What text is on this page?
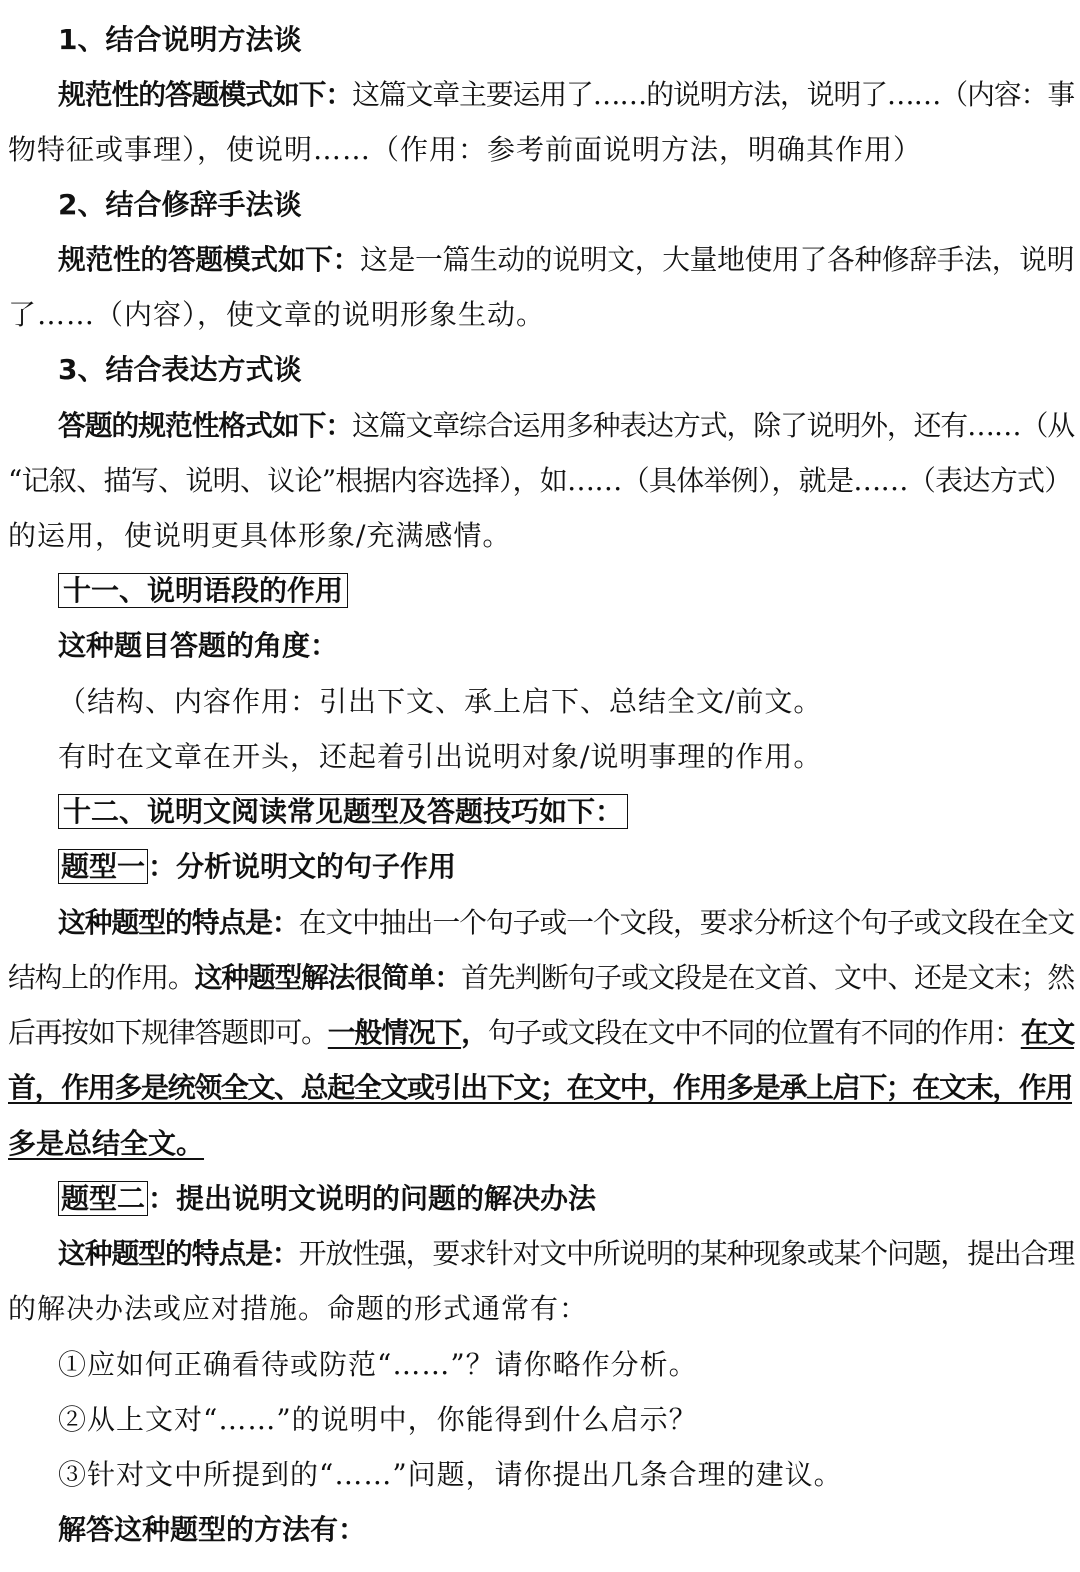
1、结合说明方法谈
规范性的答题模式如下：这篇文章主要运用了……的说明方法，说明了……（内容：事
物特征或事理），使说明……（作用：参考前面说明方法，明确其作用）
2、结合修辞手法谈
规范性的答题模式如下：这是一篇生动的说明文，大量地使用了各种修辞手法，说明
了……（内容），使文章的说明形象生动。
3、结合表达方式谈
答题的规范性格式如下：这篇文章综合运用多种表达方式，除了说明外，还有……（从
“记叙、描写、说明、议论”根据内容选择），如……（具体举例），就是……（表达方式）
的运用，使说明更具体形象/充满感情。
十一、说明语段的作用
这种题目答题的角度：
（结构、内容作用：引出下文、承上启下、总结全文/前文。
有时在文章在开头，还起着引出说明对象/说明事理的作用。
十二、说明文阅读常见题型及答题技巧如下：
题型一 ：分析说明文的句子作用
这种题型的特点是：在文中抽出一个句子或一个文段，要求分析这个句子或文段在全文
结构上的作用。这种题型解法很简单：首先判断句子或文段是在文首、文中、还是文末；然
后再按如下规律答题即可。一般情况下，句子或文段在文中不同的位置有不同的作用：在文
首，作用多是统领全文、总起全文或引出下文；在文中，作用多是承上启下；在文末，作用
多是总结全文。
题型二 ：提出说明文说明的问题的解决办法
这种题型的特点是：开放性强，要求针对文中所说明的某种现象或某个问题，提出合理
的解决办法或应对措施。命题的形式通常有：
①应如何正确看待或防范“……”？请你略作分析。
②从上文对“……”的说明中，你能得到什么启示？
③针对文中所提到的“……”问题，请你提出几条合理的建议。
解答这种题型的方法有：
